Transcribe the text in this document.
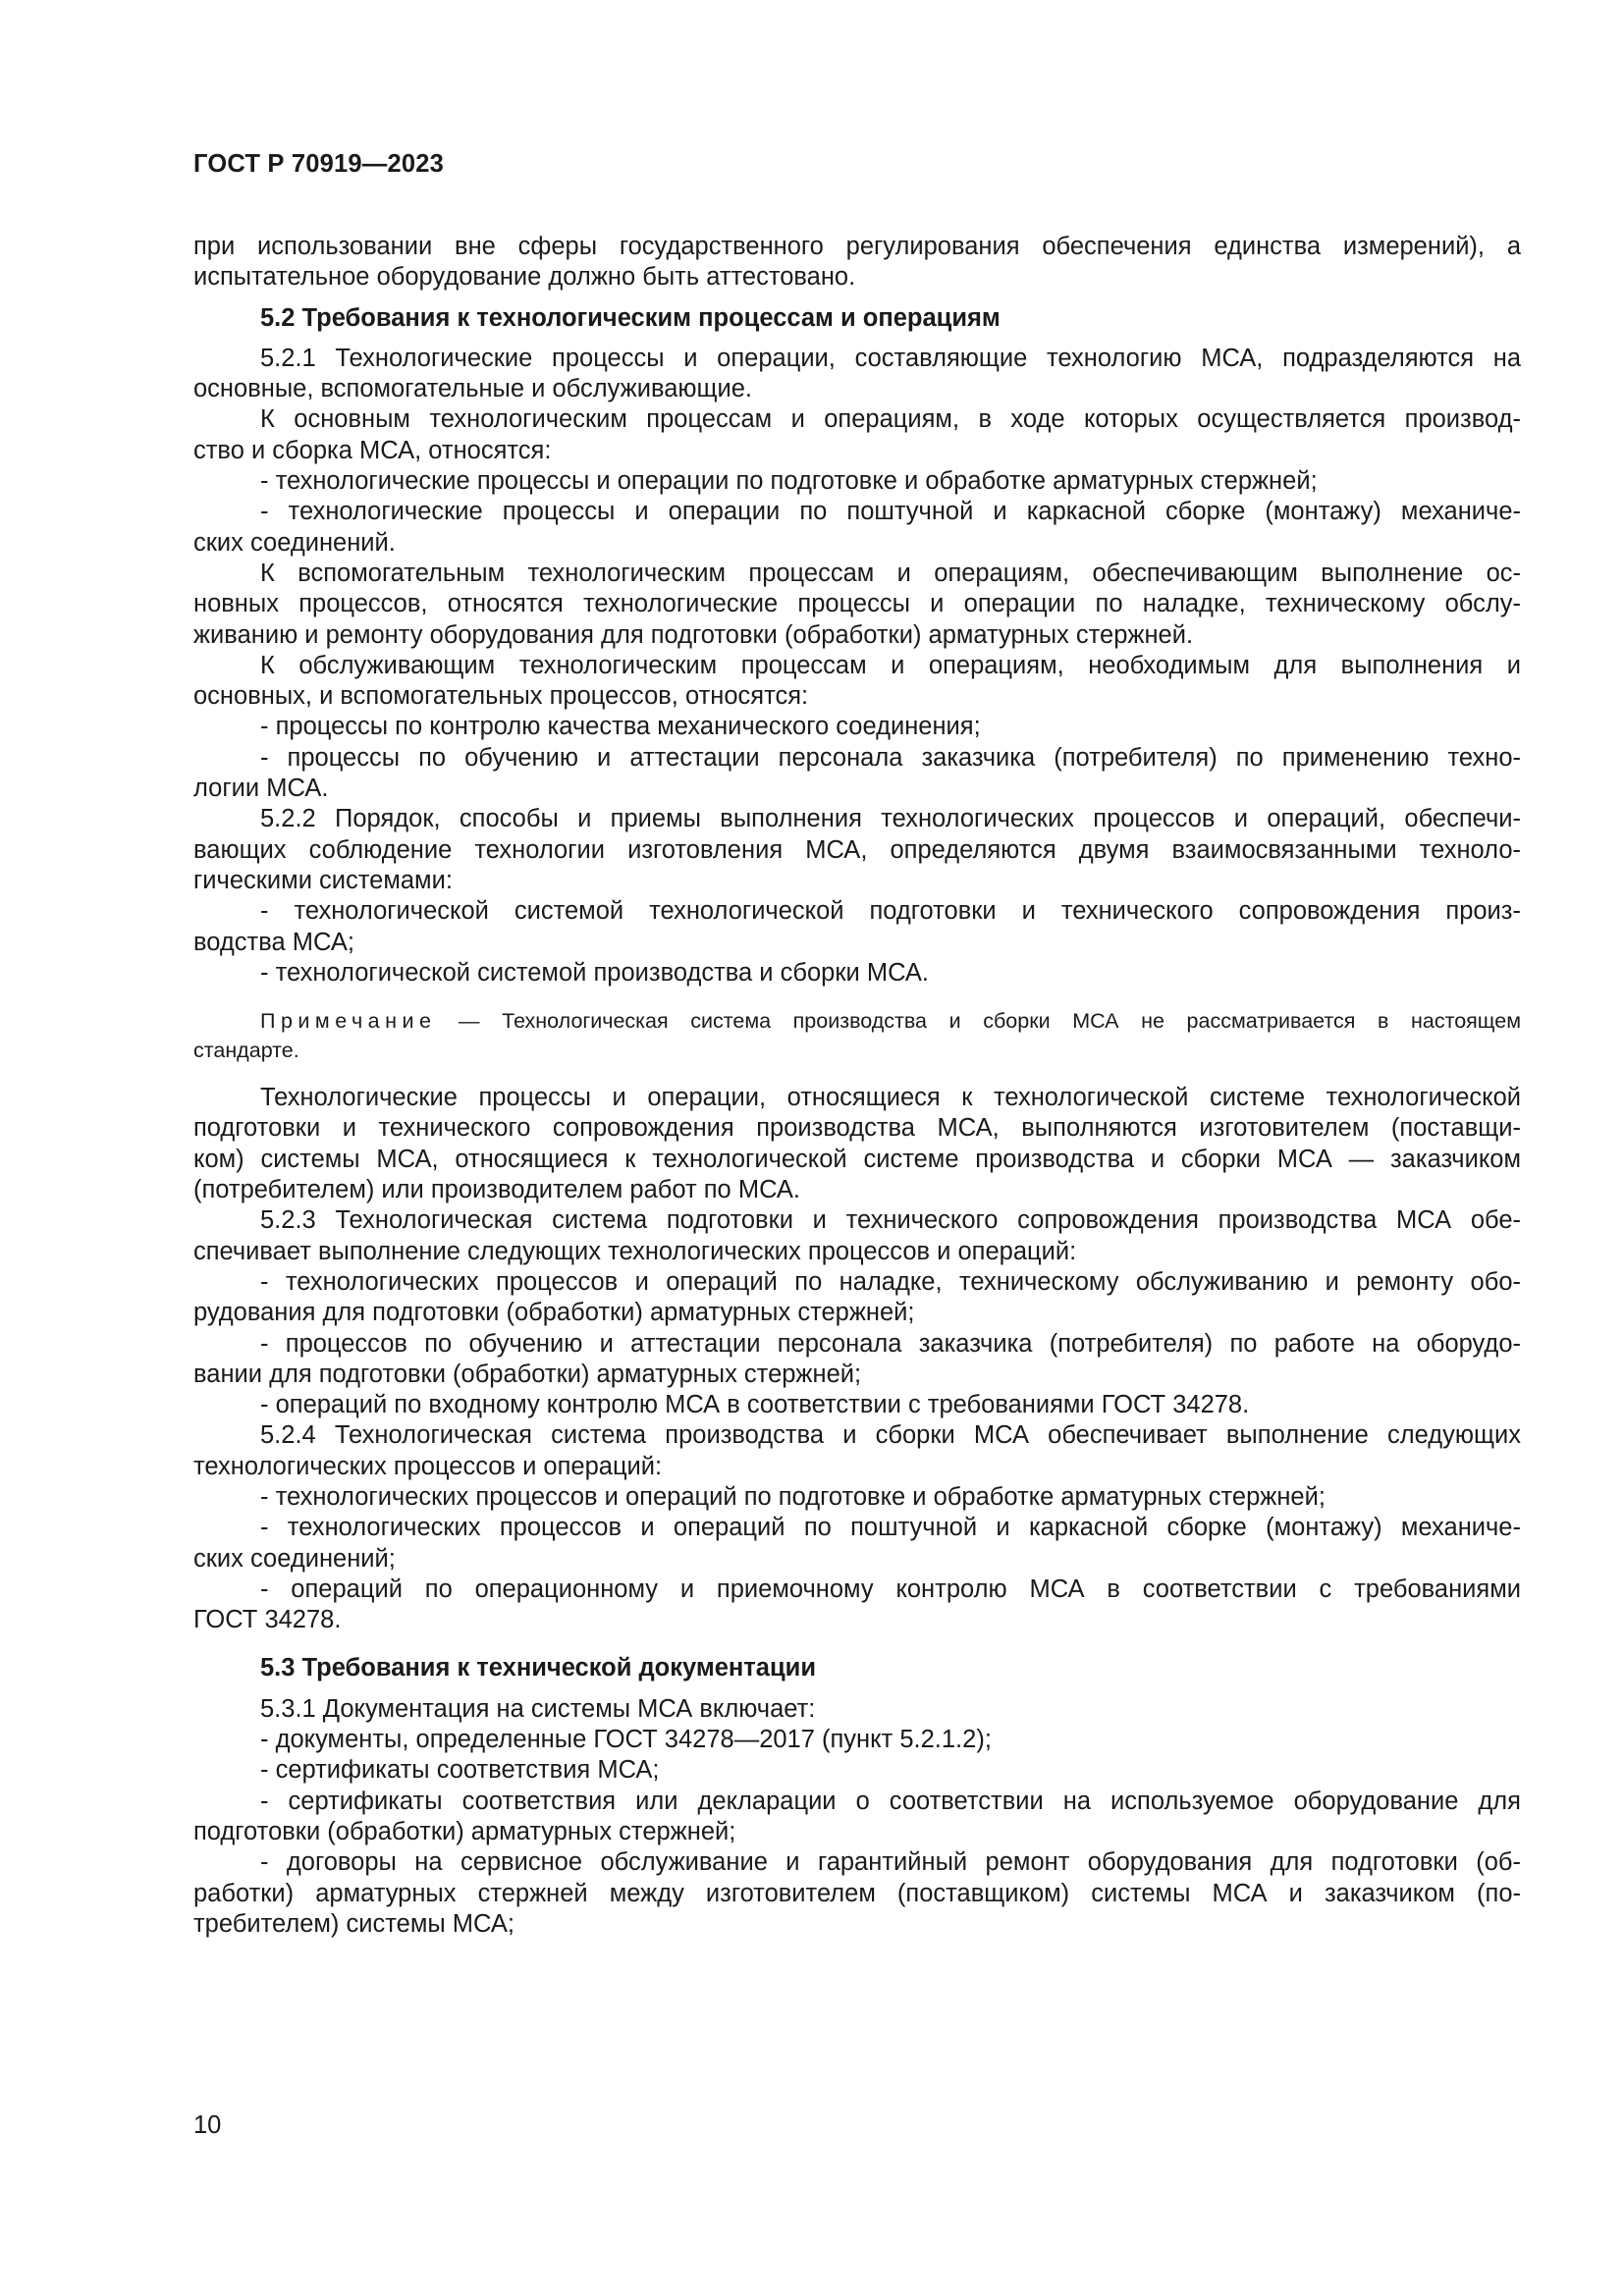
ГОСТ Р 70919—2023
при использовании вне сферы государственного регулирования обеспечения единства измерений), а
испытательное оборудование должно быть аттестовано.
5.2 Требования к технологическим процессам и операциям
5.2.1 Технологические процессы и операции, составляющие технологию МСА, подразделяются на
основные, вспомогательные и обслуживающие.
К основным технологическим процессам и операциям, в ходе которых осуществляется производ-
ство и сборка МСА, относятся:
- технологические процессы и операции по подготовке и обработке арматурных стержней;
- технологические процессы и операции по поштучной и каркасной сборке (монтажу) механиче-
ских соединений.
К вспомогательным технологическим процессам и операциям, обеспечивающим выполнение ос-
новных процессов, относятся технологические процессы и операции по наладке, техническому обслу-
живанию и ремонту оборудования для подготовки (обработки) арматурных стержней.
К обслуживающим технологическим процессам и операциям, необходимым для выполнения и
основных, и вспомогательных процессов, относятся:
- процессы по контролю качества механического соединения;
- процессы по обучению и аттестации персонала заказчика (потребителя) по применению техно-
логии МСА.
5.2.2 Порядок, способы и приемы выполнения технологических процессов и операций, обеспечи-
вающих соблюдение технологии изготовления МСА, определяются двумя взаимосвязанными техноло-
гическими системами:
- технологической системой технологической подготовки и технического сопровождения произ-
водства МСА;
- технологической системой производства и сборки МСА.
Примечание — Технологическая система производства и сборки МСА не рассматривается в настоящем
стандарте.
Технологические процессы и операции, относящиеся к технологической системе технологической
подготовки и технического сопровождения производства МСА, выполняются изготовителем (поставщи-
ком) системы МСА, относящиеся к технологической системе производства и сборки МСА — заказчиком
(потребителем) или производителем работ по МСА.
5.2.3 Технологическая система подготовки и технического сопровождения производства МСА обе-
спечивает выполнение следующих технологических процессов и операций:
- технологических процессов и операций по наладке, техническому обслуживанию и ремонту обо-
рудования для подготовки (обработки) арматурных стержней;
- процессов по обучению и аттестации персонала заказчика (потребителя) по работе на оборудо-
вании для подготовки (обработки) арматурных стержней;
- операций по входному контролю МСА в соответствии с требованиями ГОСТ 34278.
5.2.4 Технологическая система производства и сборки МСА обеспечивает выполнение следующих
технологических процессов и операций:
- технологических процессов и операций по подготовке и обработке арматурных стержней;
- технологических процессов и операций по поштучной и каркасной сборке (монтажу) механиче-
ских соединений;
- операций по операционному и приемочному контролю МСА в соответствии с требованиями
ГОСТ 34278.
5.3 Требования к технической документации
5.3.1 Документация на системы МСА включает:
- документы, определенные ГОСТ 34278—2017 (пункт 5.2.1.2);
- сертификаты соответствия МСА;
- сертификаты соответствия или декларации о соответствии на используемое оборудование для
подготовки (обработки) арматурных стержней;
- договоры на сервисное обслуживание и гарантийный ремонт оборудования для подготовки (об-
работки) арматурных стержней между изготовителем (поставщиком) системы МСА и заказчиком (по-
требителем) системы МСА;
10
